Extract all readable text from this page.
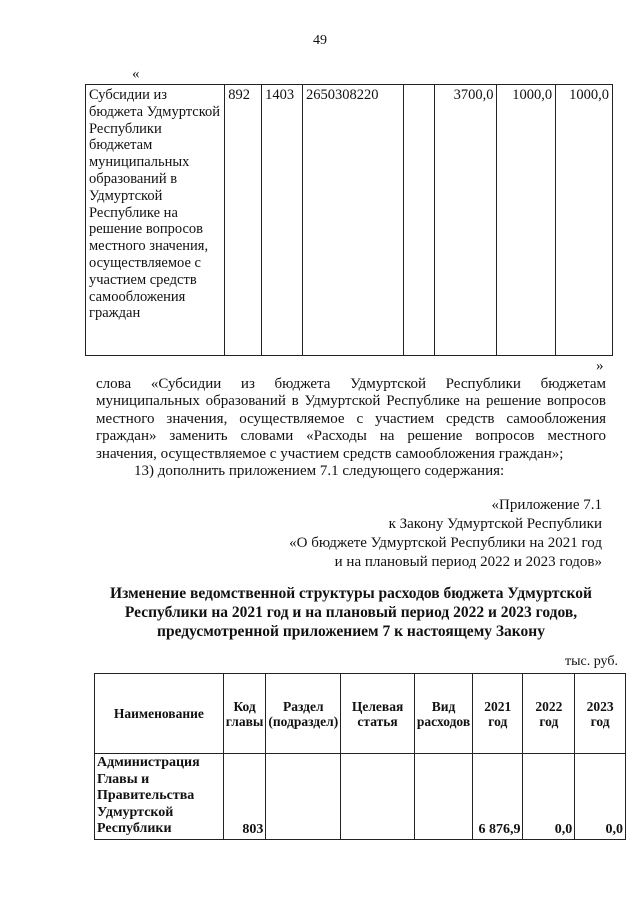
49
«
Субсидии из бюджета Удмуртской Республики бюджетам муниципальных образований в Удмуртской Республике на решение вопросов местного значения, осуществляемое с участием средств самообложения граждан	892	1403	2650308220		3700,0	1000,0	1000,0
»

слова «Субсидии из бюджета Удмуртской Республики бюджетам муниципальных образований в Удмуртской Республике на решение вопросов местного значения, осуществляемое с участием средств самообложения граждан» заменить словами «Расходы на решение вопросов местного значения, осуществляемое с участием средств самообложения граждан»;

13) дополнить приложением 7.1 следующего содержания:

«Приложение 7.1
к Закону Удмуртской Республики
«О бюджете Удмуртской Республики на 2021 год
и на плановый период 2022 и 2023 годов»
Изменение ведомственной структуры расходов бюджета Удмуртской Республики на 2021 год и на плановый период 2022 и 2023 годов, предусмотренной приложением 7 к настоящему Закону
тыс. руб.
Наименование	Код главы	Раздел (подраздел)	Целевая статья	Вид расходов	2021 год	2022 год	2023 год
Администрация Главы и Правительства Удмуртской Республики	803				6 876,9	0,0	0,0
